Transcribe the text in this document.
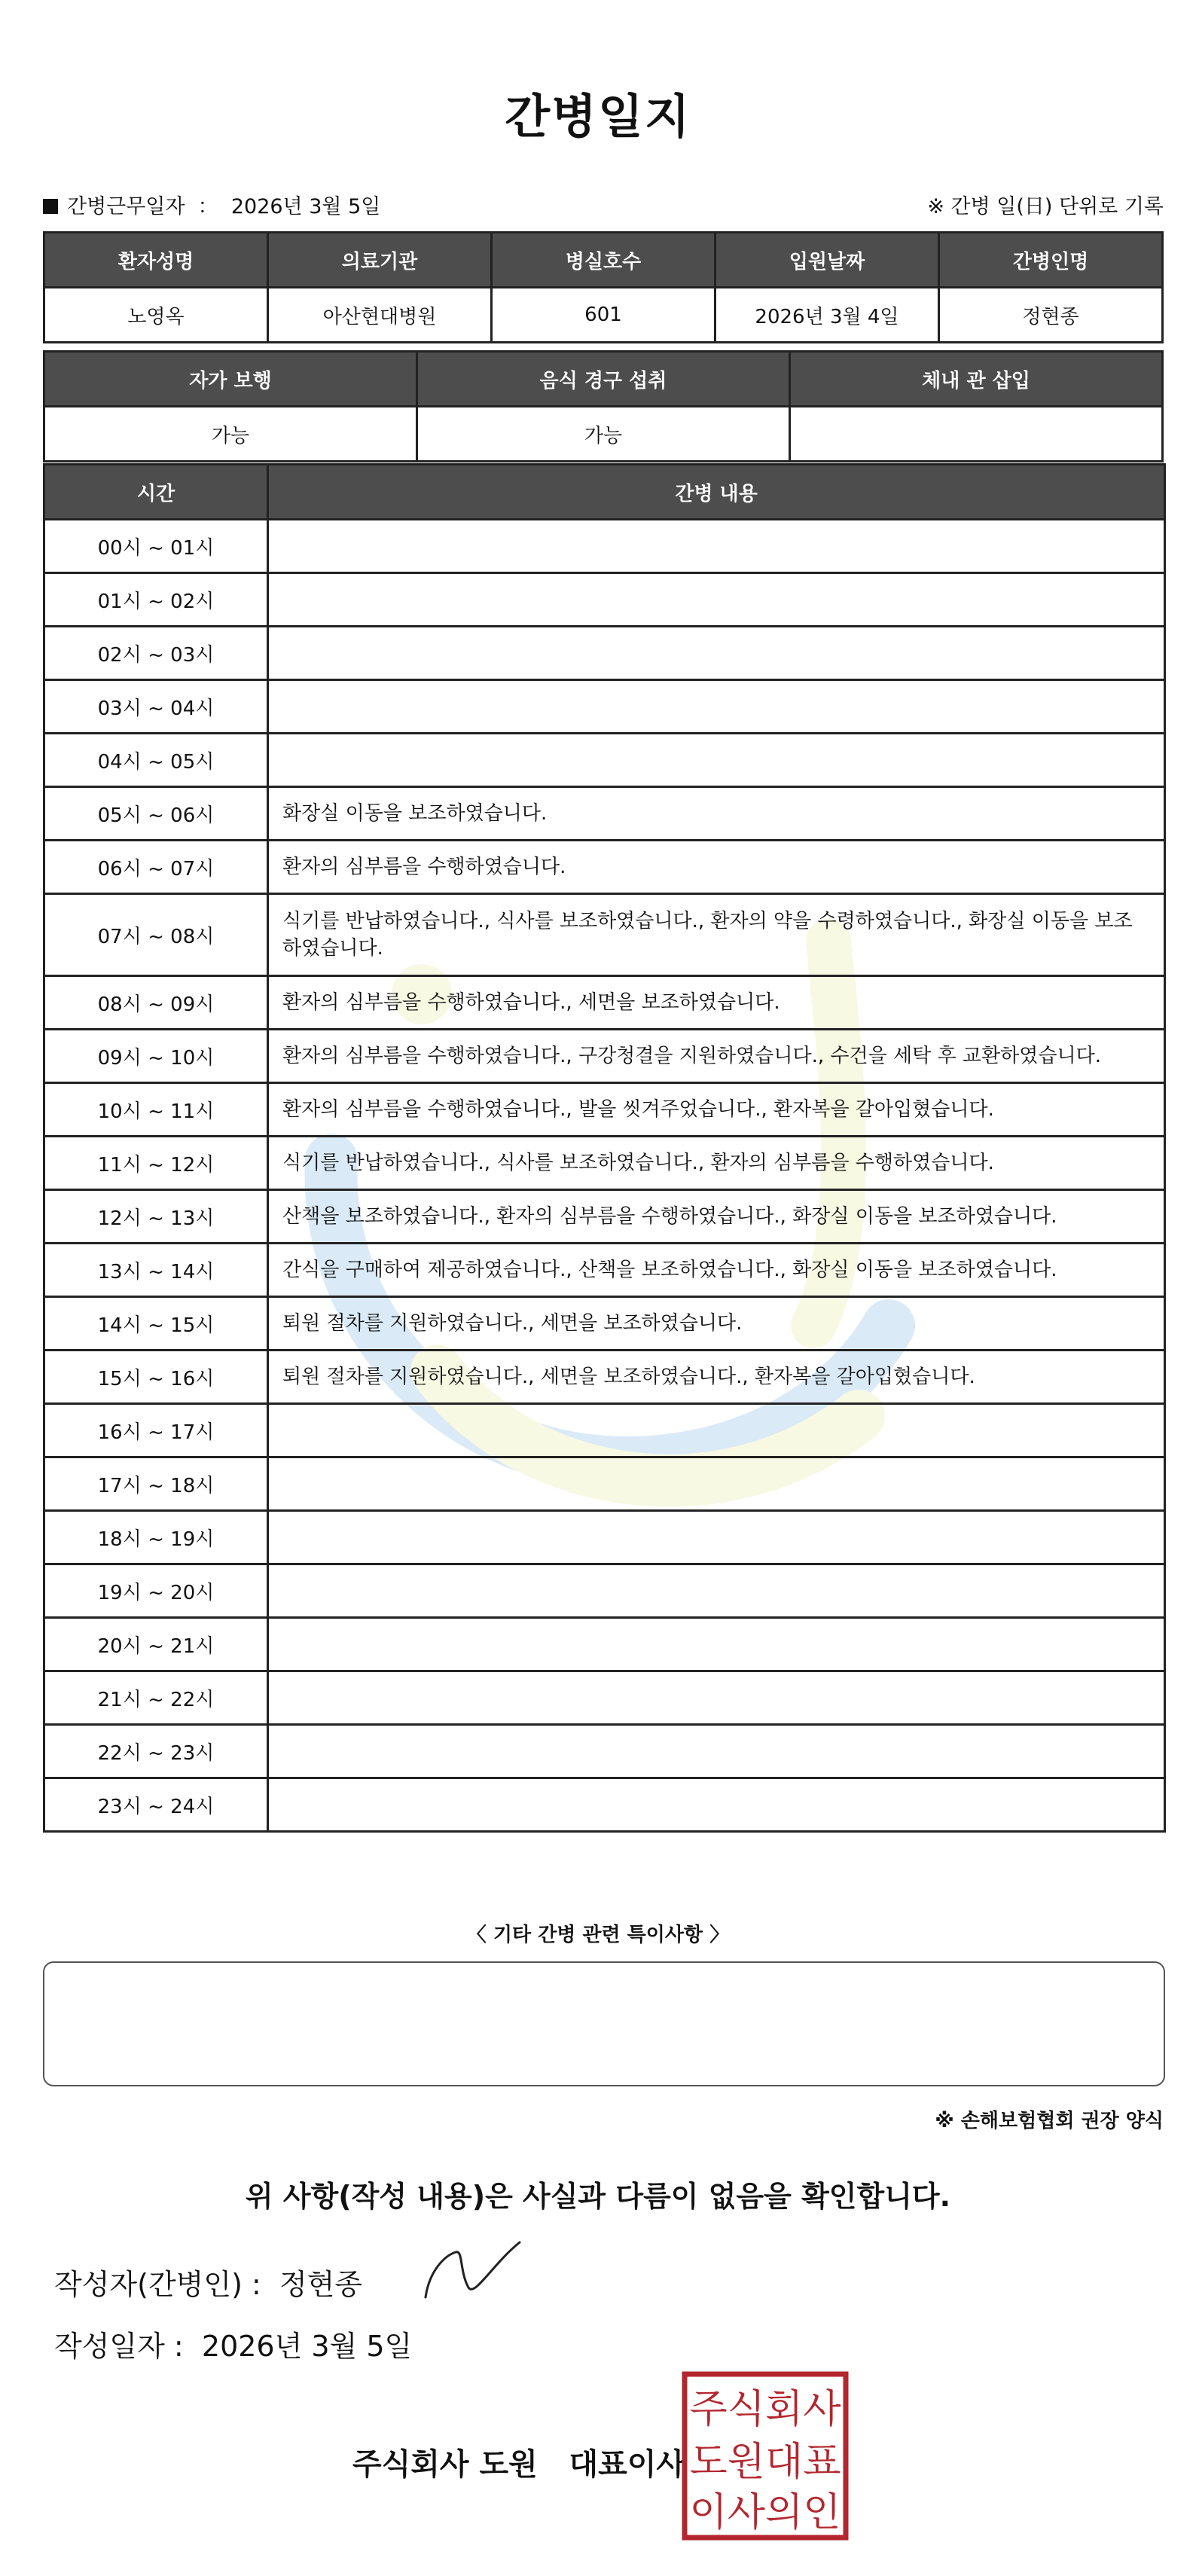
간병일지
간병근무일자 ： 2026년 3월 5일	※ 간병 일(日) 단위로 기록
환자성명	의료기관	병실호수	입원날짜	간병인명
노영옥	아산현대병원	601	2026년 3월 4일	정현종
자가 보행	음식 경구 섭취	체내 관 삽입
가능	가능	
시간	간병 내용
00시 ~ 01시	
01시 ~ 02시	
02시 ~ 03시	
03시 ~ 04시	
04시 ~ 05시	
05시 ~ 06시	화장실 이동을 보조하였습니다.
06시 ~ 07시	환자의 심부름을 수행하였습니다.
07시 ~ 08시	식기를 반납하였습니다., 식사를 보조하였습니다., 환자의 약을 수령하였습니다., 화장실 이동을 보조하였습니다.
08시 ~ 09시	환자의 심부름을 수행하였습니다., 세면을 보조하였습니다.
09시 ~ 10시	환자의 심부름을 수행하였습니다., 구강청결을 지원하였습니다., 수건을 세탁 후 교환하였습니다.
10시 ~ 11시	환자의 심부름을 수행하였습니다., 발을 씻겨주었습니다., 환자복을 갈아입혔습니다.
11시 ~ 12시	식기를 반납하였습니다., 식사를 보조하였습니다., 환자의 심부름을 수행하였습니다.
12시 ~ 13시	산책을 보조하였습니다., 환자의 심부름을 수행하였습니다., 화장실 이동을 보조하였습니다.
13시 ~ 14시	간식을 구매하여 제공하였습니다., 산책을 보조하였습니다., 화장실 이동을 보조하였습니다.
14시 ~ 15시	퇴원 절차를 지원하였습니다., 세면을 보조하였습니다.
15시 ~ 16시	퇴원 절차를 지원하였습니다., 세면을 보조하였습니다., 환자복을 갈아입혔습니다.
16시 ~ 17시	
17시 ~ 18시	
18시 ~ 19시	
19시 ~ 20시	
20시 ~ 21시	
21시 ~ 22시	
22시 ~ 23시	
23시 ~ 24시	
〈 기타 간병 관련 특이사항 〉
※ 손해보험협회 권장 양식
위 사항(작성 내용)은 사실과 다름이 없음을 확인합니다.
작성자(간병인) : 정현종
작성일자 : 2026년 3월 5일
주식회사 도원   대표이사
주식회사
도원대표
이사의인
